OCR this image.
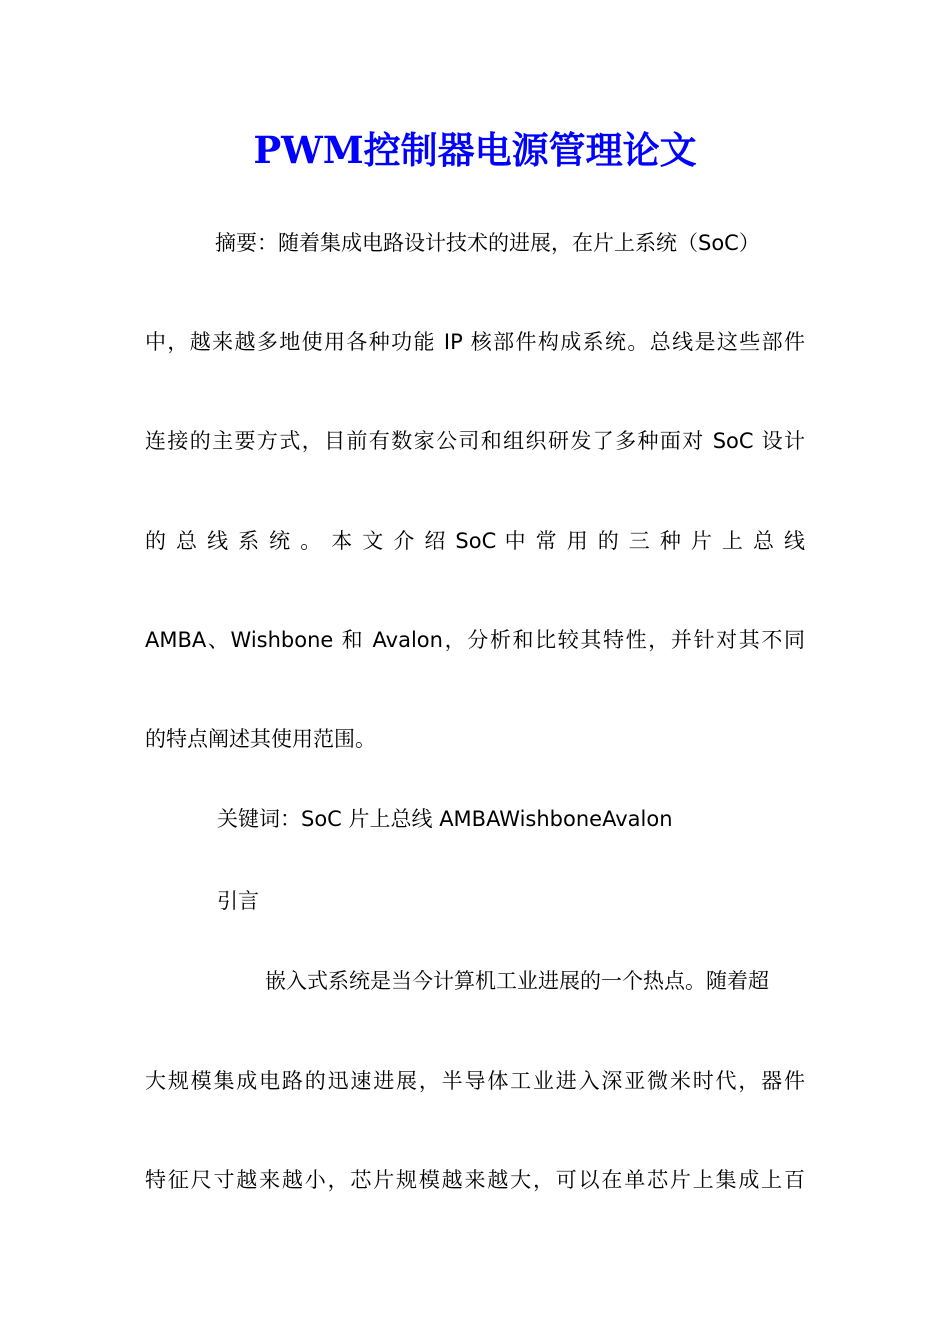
PWM控制器电源管理论文

摘要：随着集成电路设计技术的进展，在片上系统（SoC）

中，越来越多地使用各种功能 IP 核部件构成系统。总线是这些部件

连接的主要方式，目前有数家公司和组织研发了多种面对 SoC 设计

的 总 线 系 统 。 本 文 介 绍 SoC 中 常 用 的 三 种 片 上 总 线

AMBA、Wishbone 和 Avalon，分析和比较其特性，并针对其不同

的特点阐述其使用范围。

关键词：SoC 片上总线 AMBAWishboneAvalon

引言

嵌入式系统是当今计算机工业进展的一个热点。随着超

大规模集成电路的迅速进展，半导体工业进入深亚微米时代，器件

特征尺寸越来越小，芯片规模越来越大，可以在单芯片上集成上百
